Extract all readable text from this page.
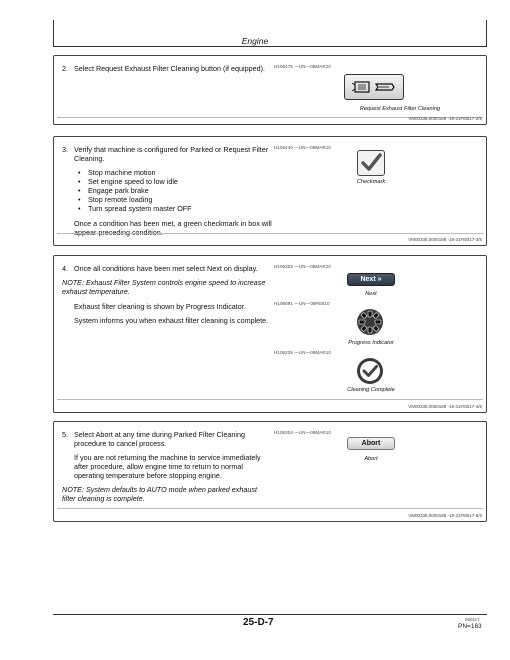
Engine
2. Select Request Exhaust Filter Cleaning button (if equipped). H106475 —UN—08MAR10
Request Exhaust Filter Cleaning
VM00338,0000188 -19-31FEB17-2/5
3. Verify that machine is configured for Parked or Request Filter Cleaning.
• Stop machine motion
• Set engine speed to low idle
• Engage park brake
• Stop remote loading
• Turn spread system master OFF

Once a condition has been met, a green checkmark in box will

H106440 —UN—08MAR10
Checkmark
VM00338,0000188 -19-31FEB17-3/5
4. Once all conditions have been met select Next on display.
NOTE: Exhaust Filter System controls engine speed to increase exhaust temperature.

Exhaust filter cleaning is shown by Progress Indicator.

System informs you when exhaust filter cleaning is complete.

H106303 —UN—08MAR10
Next »
Next
H106091 —UN—09FEB10
Progress Indicator
H106225 —UN—08MAR10
Cleaning Complete
VM00338,0000188 -19-31FEB17-4/5
5. Select Abort at any time during Parked Filter Cleaning procedure to cancel process.

If you are not returning the machine to service immediately after procedure, allow engine time to return to normal operating temperature before stopping engine.

NOTE: System defaults to AUTO mode when parked exhaust filter cleaning is complete.
H106304 —UN—08MAR10
Abort
Abort
VM00338,0000188 -19-31FEB17-5/5
25-D-7	060117
PN=163
